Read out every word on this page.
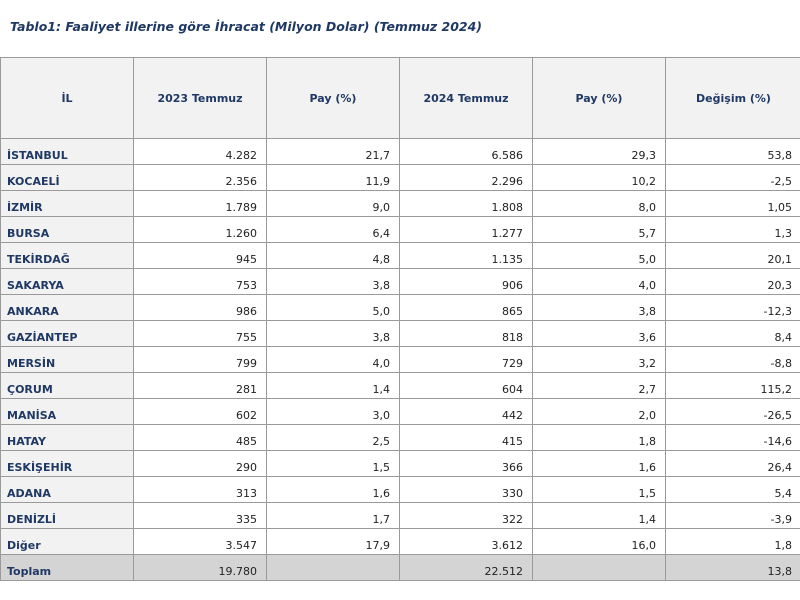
Tablo1: Faaliyet illerine göre İhracat (Milyon Dolar) (Temmuz 2024)
İL	2023 Temmuz	Pay (%)	2024 Temmuz	Pay (%)	Değişim (%)
İSTANBUL	4.282	21,7	6.586	29,3	53,8
KOCAELİ	2.356	11,9	2.296	10,2	-2,5
İZMİR	1.789	9,0	1.808	8,0	1,05
BURSA	1.260	6,4	1.277	5,7	1,3
TEKİRDAĞ	945	4,8	1.135	5,0	20,1
SAKARYA	753	3,8	906	4,0	20,3
ANKARA	986	5,0	865	3,8	-12,3
GAZİANTEP	755	3,8	818	3,6	8,4
MERSİN	799	4,0	729	3,2	-8,8
ÇORUM	281	1,4	604	2,7	115,2
MANİSA	602	3,0	442	2,0	-26,5
HATAY	485	2,5	415	1,8	-14,6
ESKİŞEHİR	290	1,5	366	1,6	26,4
ADANA	313	1,6	330	1,5	5,4
DENİZLİ	335	1,7	322	1,4	-3,9
Diğer	3.547	17,9	3.612	16,0	1,8
Toplam	19.780		22.512		13,8
